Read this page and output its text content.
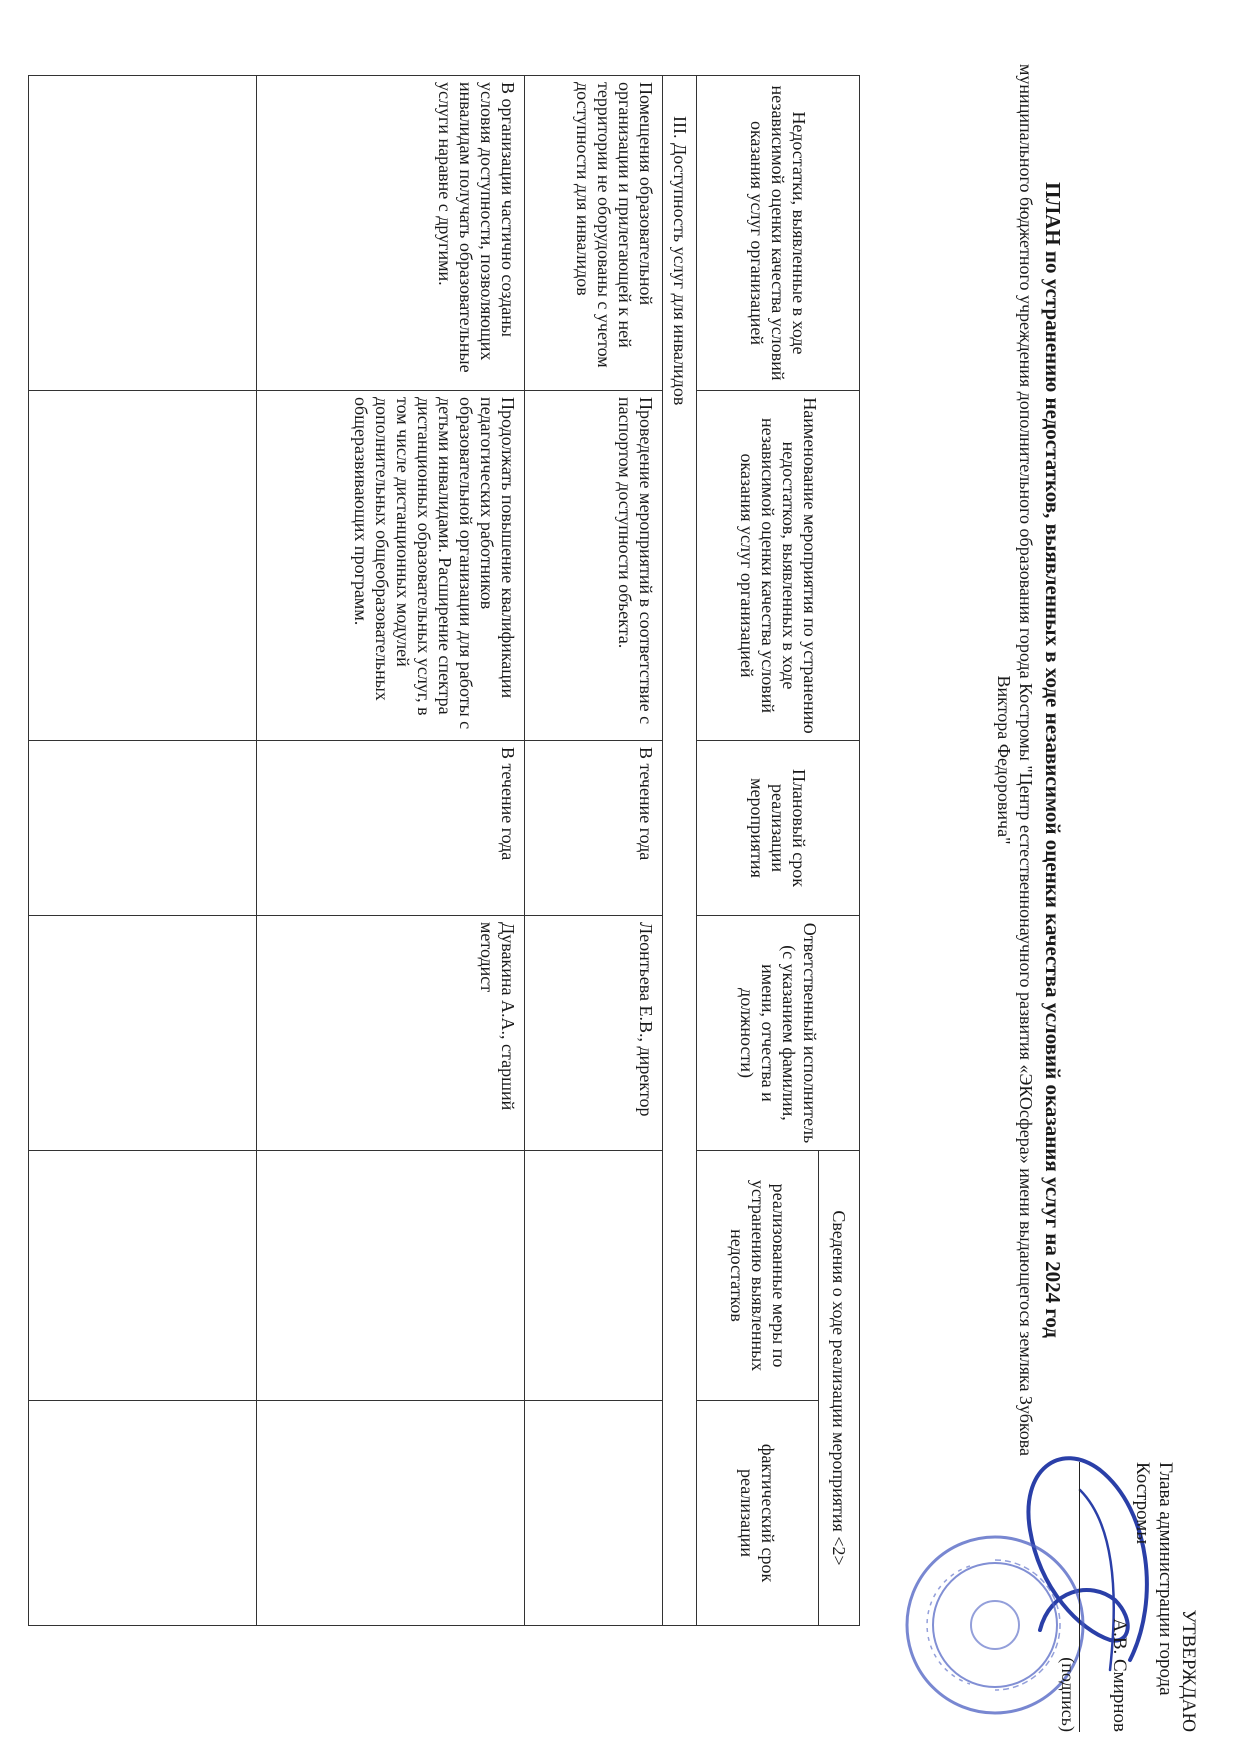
УТВЕРЖДАЮ
Глава администрации города Костромы
А.В. Смирнов
(подпись)
ПЛАН по устранению недостатков, выявленных в ходе независимой оценки качества условий оказания услуг на 2024 год
муниципального бюджетного учреждения дополнительного образования города Костромы "Центр естественнонаучного развития «ЭКОсфера» имени выдающегося земляка Зубкова Виктора Федоровича"
Недостатки, выявленные в ходе независимой оценки качества условий оказания услуг организацией	Наименование мероприятия по устранению недостатков, выявленных в ходе независимой оценки качества условий оказания услуг организацией	Плановый срок реализации мероприятия	Ответственный исполнитель (с указанием фамилии, имени, отчества и должности)	Сведения о ходе реализации мероприятия <2>	
				реализованные меры по устранению выявленных недостатков	фактический срок реализации
III. Доступность услуг для инвалидов					
Помещения образовательной организации и прилегающей к ней территории не оборудованы с учетом доступности для инвалидов	Проведение мероприятий в соответствие с паспортом доступности объекта.	В течение года	Леонтьева Е.В., директор		
В организации частично созданы условия доступности, позволяющих инвалидам получать образовательные услуги наравне с другими.	Продолжать повышение квалификации педагогических работников образовательной организации для работы с детьми инвалидами. Расширение спектра дистанционных образовательных услуг, в том числе дистанционных модулей дополнительных общеобразовательных общеразвивающих программ.	В течение года	Дувакина А.А., старший методист		
